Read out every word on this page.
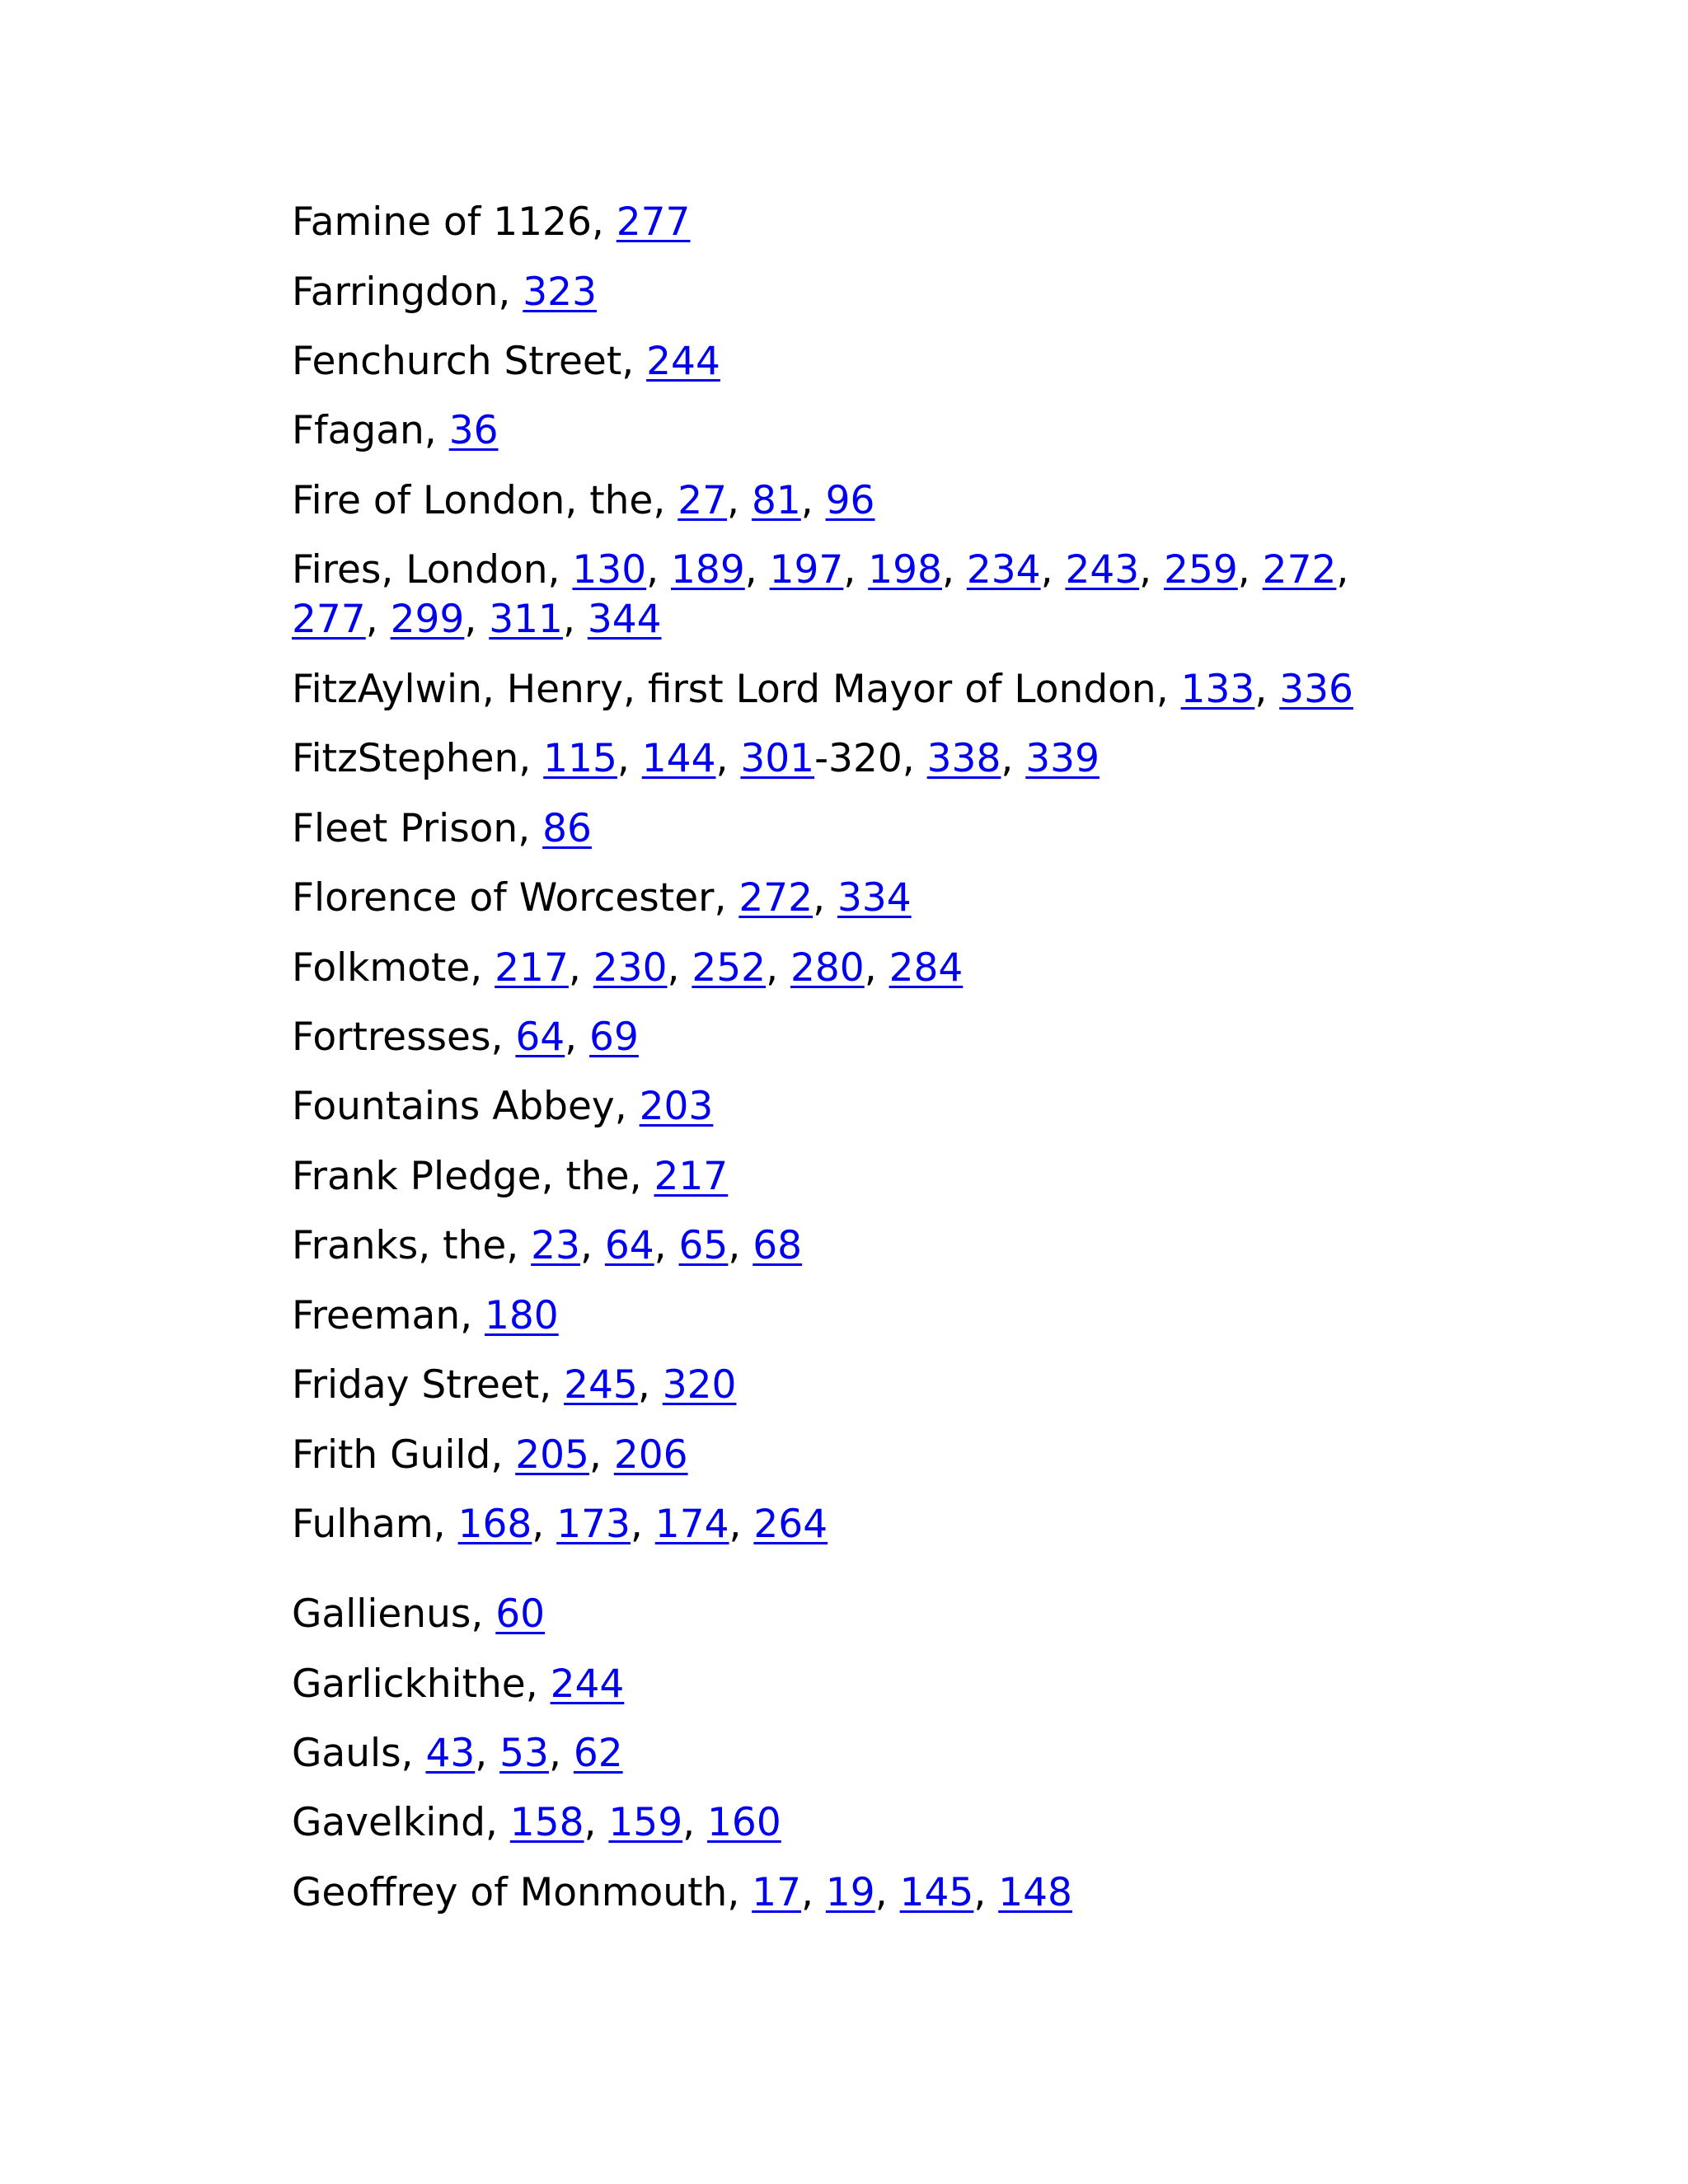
Famine of 1126, 277
Farringdon, 323
Fenchurch Street, 244
Ffagan, 36
Fire of London, the, 27, 81, 96
Fires, London, 130, 189, 197, 198, 234, 243, 259, 272, 277, 299, 311, 344
FitzAylwin, Henry, first Lord Mayor of London, 133, 336
FitzStephen, 115, 144, 301-320, 338, 339
Fleet Prison, 86
Florence of Worcester, 272, 334
Folkmote, 217, 230, 252, 280, 284
Fortresses, 64, 69
Fountains Abbey, 203
Frank Pledge, the, 217
Franks, the, 23, 64, 65, 68
Freeman, 180
Friday Street, 245, 320
Frith Guild, 205, 206
Fulham, 168, 173, 174, 264
Gallienus, 60
Garlickhithe, 244
Gauls, 43, 53, 62
Gavelkind, 158, 159, 160
Geoffrey of Monmouth, 17, 19, 145, 148
